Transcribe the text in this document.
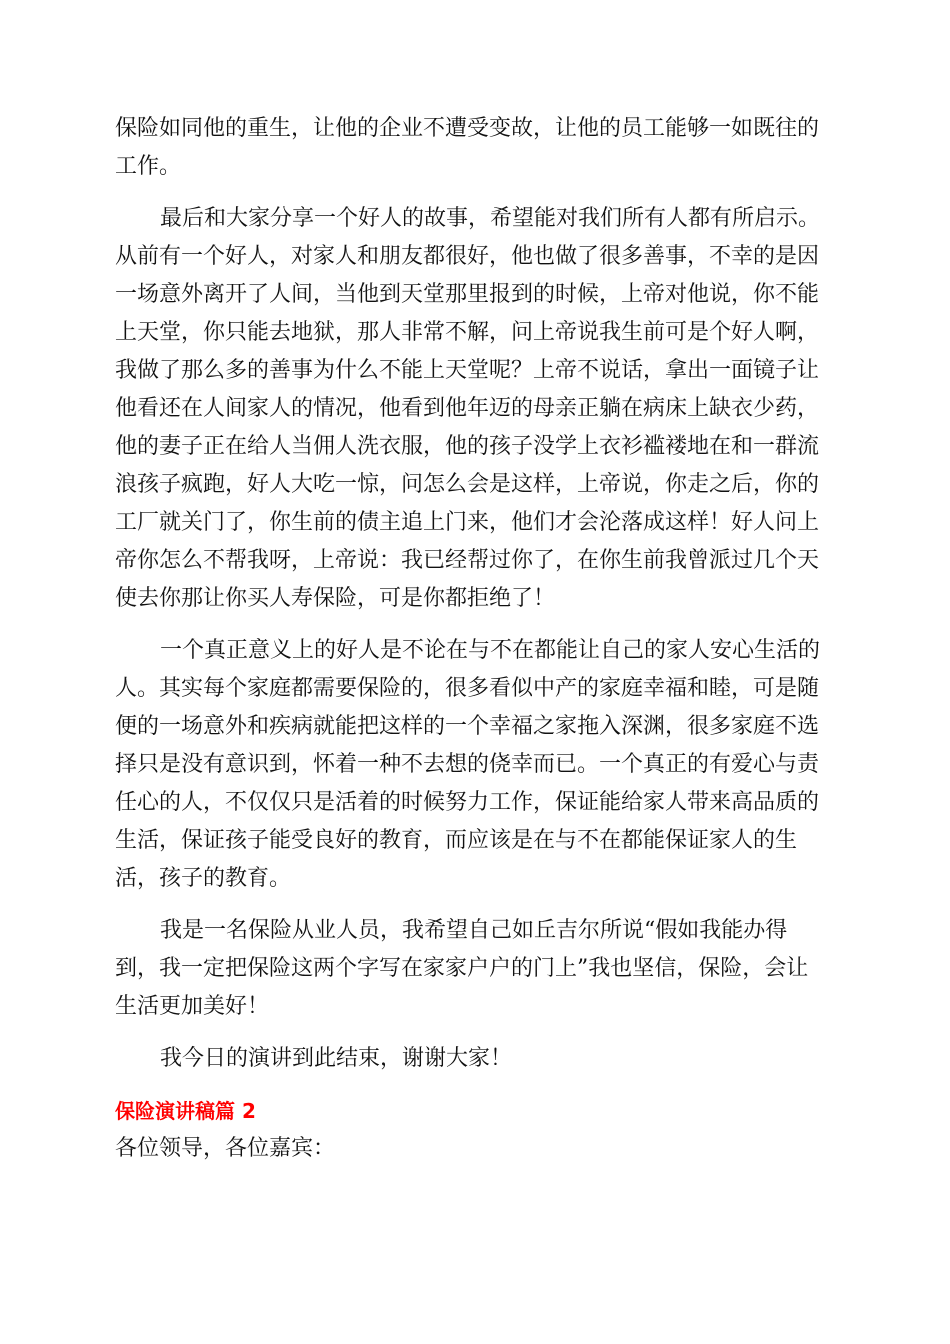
保险如同他的重生，让他的企业不遭受变故，让他的员工能够一如既往的
工作。
最后和大家分享一个好人的故事，希望能对我们所有人都有所启示。
从前有一个好人，对家人和朋友都很好，他也做了很多善事，不幸的是因
一场意外离开了人间，当他到天堂那里报到的时候，上帝对他说，你不能
上天堂，你只能去地狱，那人非常不解，问上帝说我生前可是个好人啊，
我做了那么多的善事为什么不能上天堂呢？上帝不说话，拿出一面镜子让
他看还在人间家人的情况，他看到他年迈的母亲正躺在病床上缺衣少药，
他的妻子正在给人当佣人洗衣服，他的孩子没学上衣衫褴褛地在和一群流
浪孩子疯跑，好人大吃一惊，问怎么会是这样，上帝说，你走之后，你的
工厂就关门了，你生前的债主追上门来，他们才会沦落成这样！好人问上
帝你怎么不帮我呀，上帝说：我已经帮过你了，在你生前我曾派过几个天
使去你那让你买人寿保险，可是你都拒绝了！
一个真正意义上的好人是不论在与不在都能让自己的家人安心生活的
人。其实每个家庭都需要保险的，很多看似中产的家庭幸福和睦，可是随
便的一场意外和疾病就能把这样的一个幸福之家拖入深渊，很多家庭不选
择只是没有意识到，怀着一种不去想的侥幸而已。一个真正的有爱心与责
任心的人，不仅仅只是活着的时候努力工作，保证能给家人带来高品质的
生活，保证孩子能受良好的教育，而应该是在与不在都能保证家人的生
活，孩子的教育。
我是一名保险从业人员，我希望自己如丘吉尔所说“假如我能办得
到，我一定把保险这两个字写在家家户户的门上”我也坚信，保险，会让
生活更加美好！
我今日的演讲到此结束，谢谢大家！
保险演讲稿篇 2
各位领导，各位嘉宾：
